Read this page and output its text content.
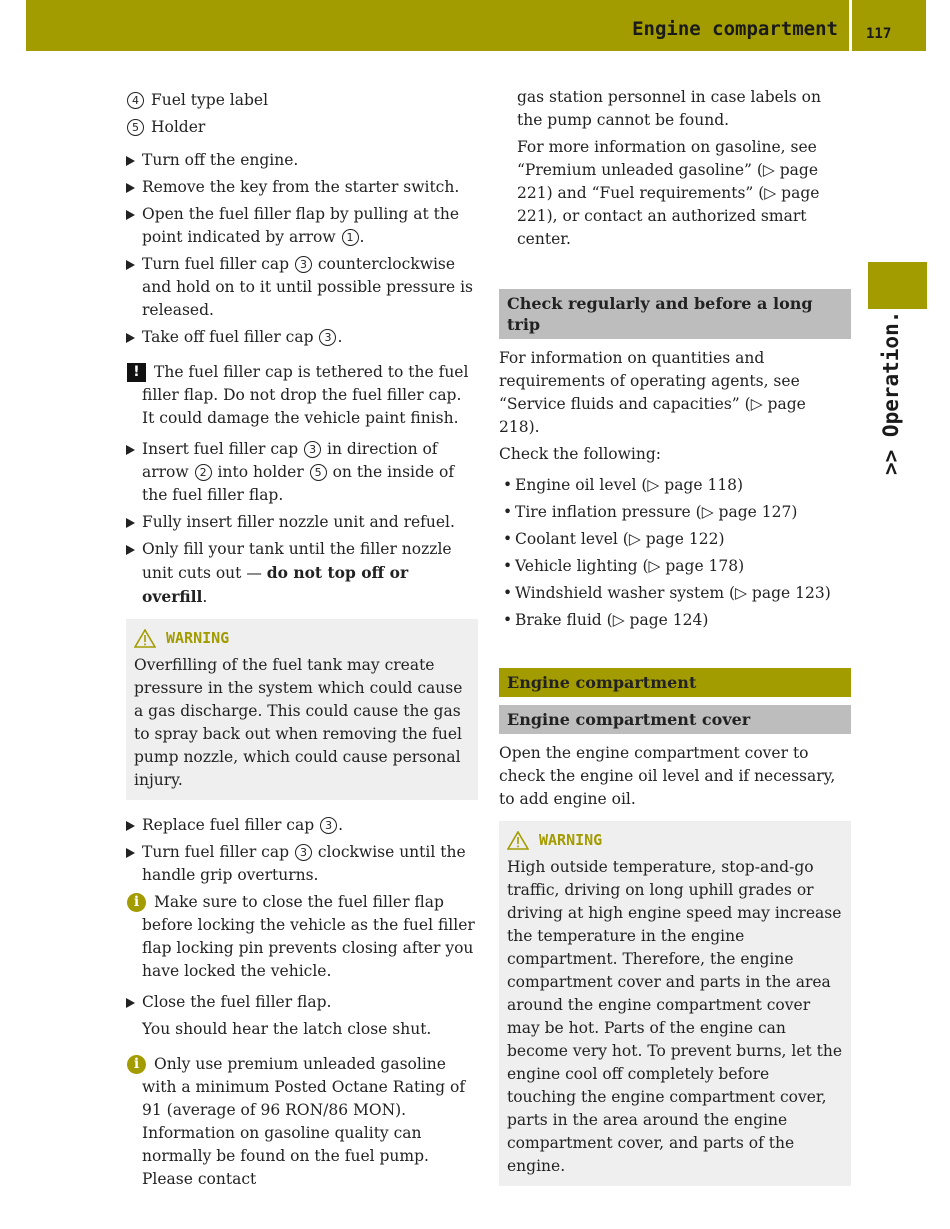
Engine compartment 117
>> Operation.
4 Fuel type label
5 Holder
Turn off the engine.
Remove the key from the starter switch.
Open the fuel filler flap by pulling at the point indicated by arrow 1 .
Turn fuel filler cap 3 counterclockwise and hold on to it until possible pressure is released.
Take off fuel filler cap 3 .
! The fuel filler cap is tethered to the fuel filler flap. Do not drop the fuel filler cap. It could damage the vehicle paint finish.
Insert fuel filler cap 3 in direction of arrow 2 into holder 5 on the inside of the fuel filler flap.
Fully insert filler nozzle unit and refuel.
Only fill your tank until the filler nozzle unit cuts out — do not top off or overfill.
WARNING
Overfilling of the fuel tank may create pressure in the system which could cause a gas discharge. This could cause the gas to spray back out when removing the fuel pump nozzle, which could cause personal injury.
Replace fuel filler cap 3 .
Turn fuel filler cap 3 clockwise until the handle grip overturns.
i Make sure to close the fuel filler flap before locking the vehicle as the fuel filler flap locking pin prevents closing after you have locked the vehicle.
Close the fuel filler flap.
You should hear the latch close shut.
i Only use premium unleaded gasoline with a minimum Posted Octane Rating of 91 (average of 96 RON/86 MON). Information on gasoline quality can normally be found on the fuel pump. Please contact

gas station personnel in case labels on the pump cannot be found.

For more information on gasoline, see “Premium unleaded gasoline” (▷ page 221) and “Fuel requirements” (▷ page 221), or contact an authorized smart center.

Check regularly and before a long trip

For information on quantities and requirements of operating agents, see “Service fluids and capacities” (▷ page 218).

Check the following:

• Engine oil level (▷ page 118)
• Tire inflation pressure (▷ page 127)
• Coolant level (▷ page 122)
• Vehicle lighting (▷ page 178)
• Windshield washer system (▷ page 123)
• Brake fluid (▷ page 124)
Engine compartment
Engine compartment cover

Open the engine compartment cover to check the engine oil level and if necessary, to add engine oil.

WARNING
High outside temperature, stop-and-go traffic, driving on long uphill grades or driving at high engine speed may increase the temperature in the engine compartment. Therefore, the engine compartment cover and parts in the area around the engine compartment cover may be hot. Parts of the engine can become very hot. To prevent burns, let the engine cool off completely before touching the engine compartment cover, parts in the area around the engine compartment cover, and parts of the engine.
